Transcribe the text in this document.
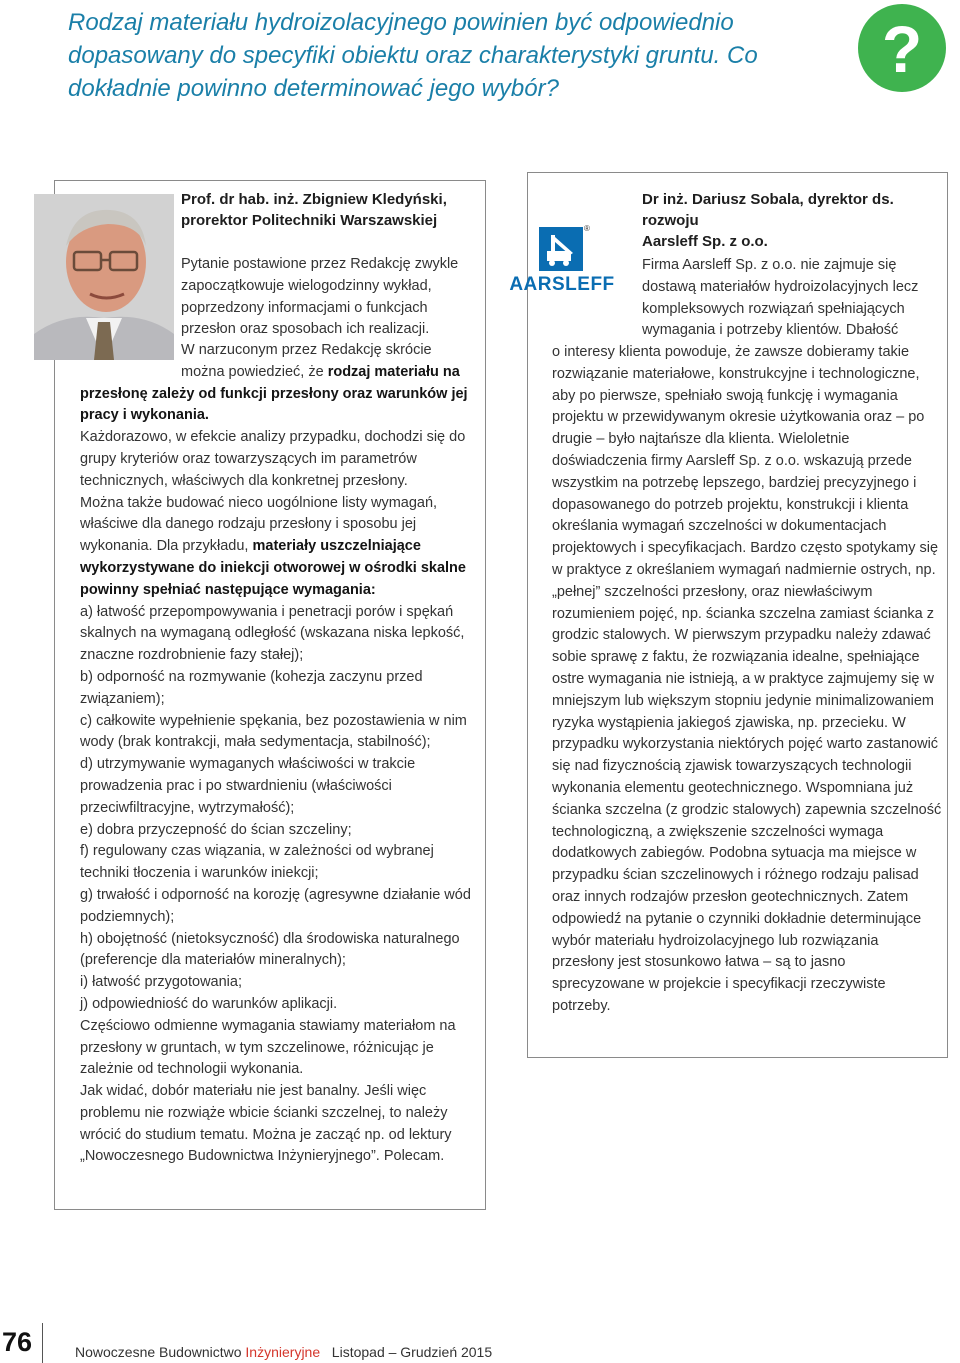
Rodzaj materiału hydroizolacyjnego powinien być odpowiednio dopasowany do specyfiki obiektu oraz charakterystyki gruntu. Co dokładnie powinno determinować jego wybór?
?
Prof. dr hab. inż. Zbigniew Kledyński,
prorektor Politechniki Warszawskiej
Pytanie postawione przez Redakcję zwykle zapoczątkowuje wielogodzinny wykład, poprzedzony informacjami o funkcjach przesłon oraz sposobach ich realizacji.

W narzuconym przez Redakcję skrócie

można powiedzieć, że rodzaj materiału na przesłonę zależy od funkcji przesłony oraz warunków jej pracy i wykonania.

Każdorazowo, w efekcie analizy przypadku, dochodzi się do grupy kryteriów oraz towarzyszących im parametrów technicznych, właściwych dla konkretnej przesłony.

Można także budować nieco uogólnione listy wymagań, właściwe dla danego rodzaju przesłony i sposobu jej wykonania. Dla przykładu, materiały uszczelniające wykorzystywane do iniekcji otworowej w ośrodki skalne powinny spełniać następujące wymagania:

a) łatwość przepompowywania i penetracji porów i spękań skalnych na wymaganą odległość (wskazana niska lepkość, znaczne rozdrobnienie fazy stałej);

b) odporność na rozmywanie (kohezja zaczynu przed związaniem);

c) całkowite wypełnienie spękania, bez pozostawienia w nim wody (brak kontrakcji, mała sedymentacja, stabilność);

d) utrzymywanie wymaganych właściwości w trakcie prowadzenia prac i po stwardnieniu (właściwości przeciwfiltracyjne, wytrzymałość);

e) dobra przyczepność do ścian szczeliny;

f) regulowany czas wiązania, w zależności od wybranej techniki tłoczenia i warunków iniekcji;

g) trwałość i odporność na korozję (agresywne działanie wód podziemnych);

h) obojętność (nietoksyczność) dla środowiska naturalnego (preferencje dla materiałów mineralnych);

i) łatwość przygotowania;

j) odpowiedniość do warunków aplikacji.

Częściowo odmienne wymagania stawiamy materiałom na przesłony w gruntach, w tym szczelinowe, różnicując je zależnie od technologii wykonania.

Jak widać, dobór materiału nie jest banalny. Jeśli więc problemu nie rozwiąże wbicie ścianki szczelnej, to należy wrócić do studium tematu. Można je zacząć np. od lektury „Nowoczesnego Budownictwa Inżynieryjnego”. Polecam.

®
AARSLEFF
Dr inż. Dariusz Sobala, dyrektor ds. rozwoju
Aarsleff Sp. z o.o.
Firma Aarsleff Sp. z o.o. nie zajmuje się dostawą materiałów hydroizolacyjnych lecz kompleksowych rozwiązań spełniających wymagania i potrzeby klientów. Dbałość
o interesy klienta powoduje, że zawsze dobieramy takie rozwiązanie materiałowe, konstrukcyjne i technologiczne, aby po pierwsze, spełniało swoją funkcję i wymagania projektu w przewidywanym okresie użytkowania oraz – po drugie – było najtańsze dla klienta. Wieloletnie doświadczenia firmy Aarsleff Sp. z o.o. wskazują przede wszystkim na potrzebę lepszego, bardziej precyzyjnego i dopasowanego do potrzeb projektu, konstrukcji i klienta określania wymagań szczelności w dokumentacjach projektowych i specyfikacjach. Bardzo często spotykamy się w praktyce z określaniem wymagań nadmiernie ostrych, np. „pełnej” szczelności przesłony, oraz niewłaściwym rozumieniem pojęć, np. ścianka szczelna zamiast ścianka z grodzic stalowych. W pierwszym przypadku należy zdawać sobie sprawę z faktu, że rozwiązania idealne, spełniające ostre wymagania nie istnieją, a w praktyce zajmujemy się w mniejszym lub większym stopniu jedynie minimalizowaniem ryzyka wystąpienia jakiegoś zjawiska, np. przecieku. W przypadku wykorzystania niektórych pojęć warto zastanowić się nad fizycznością zjawisk towarzyszących technologii wykonania elementu geotechnicznego. Wspomniana już ścianka szczelna (z grodzic stalowych) zapewnia szczelność technologiczną, a zwiększenie szczelności wymaga dodatkowych zabiegów. Podobna sytuacja ma miejsce w przypadku ścian szczelinowych i różnego rodzaju palisad oraz innych rodzajów przesłon geotechnicznych. Zatem odpowiedź na pytanie o czynniki dokładnie determinujące wybór materiału hydroizolacyjnego lub rozwiązania przesłony jest stosunkowo łatwa – są to jasno sprecyzowane w projekcie i specyfikacji rzeczywiste potrzeby.
76	Nowoczesne Budownictwo Inżynieryjne Listopad – Grudzień 2015
